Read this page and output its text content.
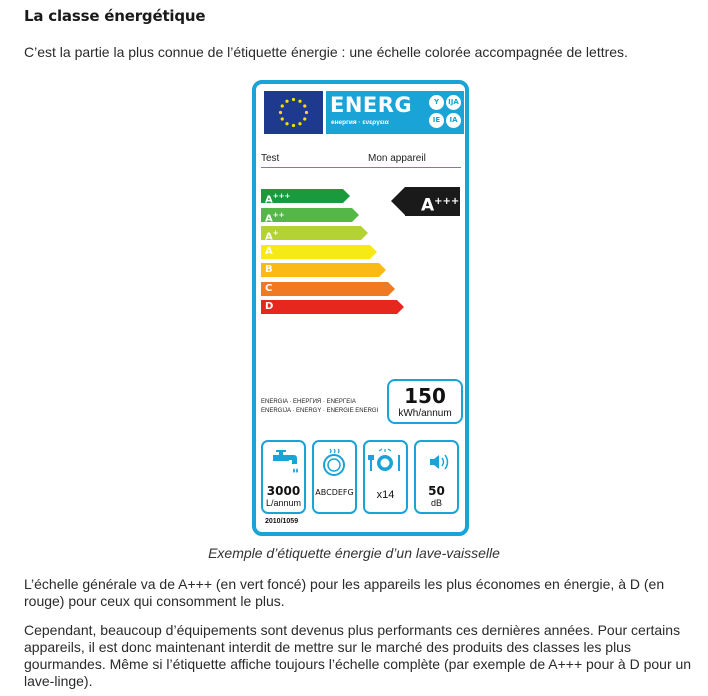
La classe énergétique
C’est la partie la plus connue de l’étiquette énergie : une échelle colorée accompagnée de lettres.
ENERG
енергия · ενεργεια
Y	IJA
IE	IA
Test	Mon appareil
A+++
A++
A+
A
B
C
D
A+++
ENERGIA · ЕНЕРГИЯ · ΕΝΕΡΓΕΙΑ ENERGIJA · ENERGY · ENERGIE ENERGI
150
kWh/annum
3000
L/annum
ABCDEFG	x14	50
dB
2010/1059
Exemple d’étiquette énergie d’un lave-vaisselle
L’échelle générale va de A+++ (en vert foncé) pour les appareils les plus économes en énergie, à D (en rouge) pour ceux qui consomment le plus.
Cependant, beaucoup d’équipements sont devenus plus performants ces dernières années. Pour certains appareils, il est donc maintenant interdit de mettre sur le marché des produits des classes les plus gourmandes. Même si l’étiquette affiche toujours l’échelle complète (par exemple de A+++ pour à D pour un lave-linge).
